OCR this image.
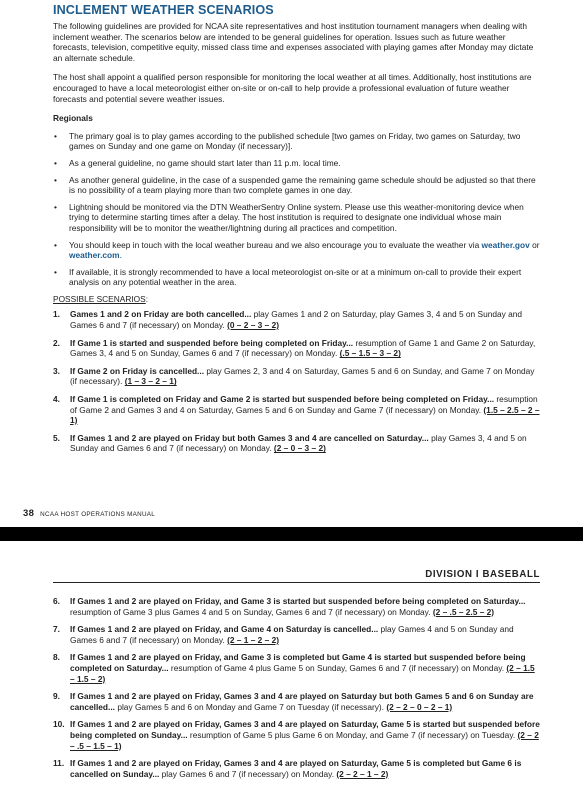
INCLEMENT WEATHER SCENARIOS

The following guidelines are provided for NCAA site representatives and host institution tournament managers when dealing with inclement weather. The scenarios below are intended to be general guidelines for operation. Issues such as future weather forecasts, television, competitive equity, missed class time and expenses associated with playing games after Monday may dictate an alternate schedule.

The host shall appoint a qualified person responsible for monitoring the local weather at all times. Additionally, host institutions are encouraged to have a local meteorologist either on-site or on-call to help provide a professional evaluation of future weather forecasts and potential severe weather issues.

Regionals

• The primary goal is to play games according to the published schedule [two games on Friday, two games on Saturday, two games on Sunday and one game on Monday (if necessary)].
• As a general guideline, no game should start later than 11 p.m. local time.
• As another general guideline, in the case of a suspended game the remaining game schedule should be adjusted so that there is no possibility of a team playing more than two complete games in one day.
• Lightning should be monitored via the DTN WeatherSentry Online system. Please use this weather-monitoring device when trying to determine starting times after a delay. The host institution is required to designate one individual whose main responsibility will be to monitor the weather/lightning during all practices and competition.
• You should keep in touch with the local weather bureau and we also encourage you to evaluate the weather via weather.gov or weather.com.
• If available, it is strongly recommended to have a local meteorologist on-site or at a minimum on-call to provide their expert analysis on any potential weather in the area.

POSSIBLE SCENARIOS:

1. Games 1 and 2 on Friday are both cancelled... play Games 1 and 2 on Saturday, play Games 3, 4 and 5 on Sunday and Games 6 and 7 (if necessary) on Monday. (0 – 2 – 3 – 2)
2. If Game 1 is started and suspended before being completed on Friday... resumption of Game 1 and Game 2 on Saturday, Games 3, 4 and 5 on Sunday, Games 6 and 7 (if necessary) on Monday. (.5 – 1.5 – 3 – 2)
3. If Game 2 on Friday is cancelled... play Games 2, 3 and 4 on Saturday, Games 5 and 6 on Sunday, and Game 7 on Monday (if necessary). (1 – 3 – 2 – 1)
4. If Game 1 is completed on Friday and Game 2 is started but suspended before being completed on Friday... resumption of Game 2 and Games 3 and 4 on Saturday, Games 5 and 6 on Sunday and Game 7 (if necessary) on Monday. (1.5 – 2.5 – 2 – 1)
5. If Games 1 and 2 are played on Friday but both Games 3 and 4 are cancelled on Saturday... play Games 3, 4 and 5 on Sunday and Games 6 and 7 (if necessary) on Monday. (2 – 0 – 3 – 2)
38 NCAA HOST OPERATIONS MANUAL
DIVISION I BASEBALL
6. If Games 1 and 2 are played on Friday, and Game 3 is started but suspended before being completed on Saturday... resumption of Game 3 plus Games 4 and 5 on Sunday, Games 6 and 7 (if necessary) on Monday. (2 – .5 – 2.5 – 2)
7. If Games 1 and 2 are played on Friday, and Game 4 on Saturday is cancelled... play Games 4 and 5 on Sunday and Games 6 and 7 (if necessary) on Monday. (2 – 1 – 2 – 2)
8. If Games 1 and 2 are played on Friday, and Game 3 is completed but Game 4 is started but suspended before being completed on Saturday... resumption of Game 4 plus Game 5 on Sunday, Games 6 and 7 (if necessary) on Monday. (2 – 1.5 – 1.5 – 2)
9. If Games 1 and 2 are played on Friday, Games 3 and 4 are played on Saturday but both Games 5 and 6 on Sunday are cancelled... play Games 5 and 6 on Monday and Game 7 on Tuesday (if necessary). (2 – 2 – 0 – 2 – 1)
10. If Games 1 and 2 are played on Friday, Games 3 and 4 are played on Saturday, Game 5 is started but suspended before being completed on Sunday... resumption of Game 5 plus Game 6 on Monday, and Game 7 (if necessary) on Tuesday. (2 – 2 – .5 – 1.5 – 1)
11. If Games 1 and 2 are played on Friday, Games 3 and 4 are played on Saturday, Game 5 is completed but Game 6 is cancelled on Sunday... play Games 6 and 7 (if necessary) on Monday. (2 – 2 – 1 – 2)
